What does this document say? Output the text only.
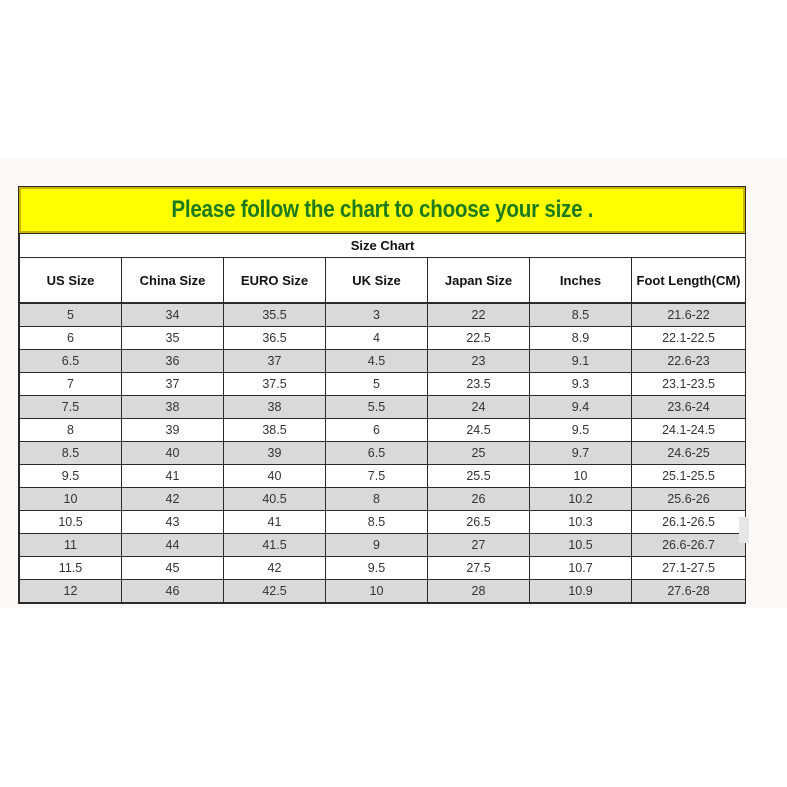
Please follow the chart to choose your size .
Size Chart						
US Size	China Size	EURO Size	UK Size	Japan Size	Inches	Foot Length(CM)
5	34	35.5	3	22	8.5	21.6-22
6	35	36.5	4	22.5	8.9	22.1-22.5
6.5	36	37	4.5	23	9.1	22.6-23
7	37	37.5	5	23.5	9.3	23.1-23.5
7.5	38	38	5.5	24	9.4	23.6-24
8	39	38.5	6	24.5	9.5	24.1-24.5
8.5	40	39	6.5	25	9.7	24.6-25
9.5	41	40	7.5	25.5	10	25.1-25.5
10	42	40.5	8	26	10.2	25.6-26
10.5	43	41	8.5	26.5	10.3	26.1-26.5
11	44	41.5	9	27	10.5	26.6-26.7
11.5	45	42	9.5	27.5	10.7	27.1-27.5
12	46	42.5	10	28	10.9	27.6-28
